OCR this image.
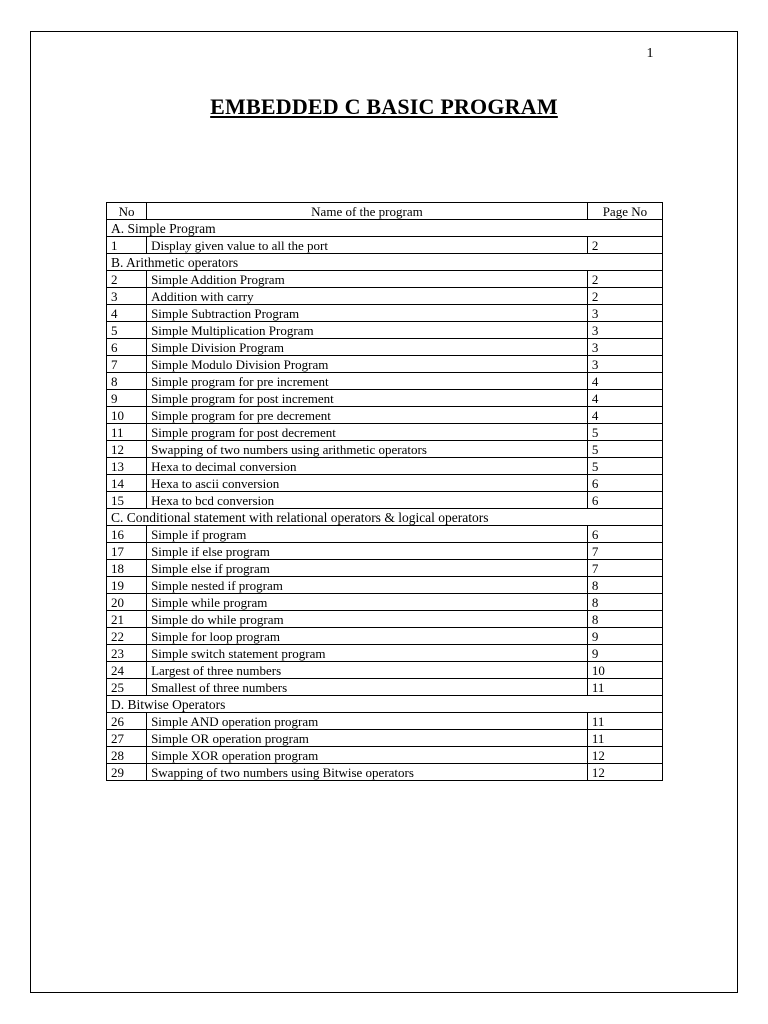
1
EMBEDDED C BASIC PROGRAM
No	Name of the program	Page No
A. Simple Program		
1	Display given value to all the port	2
B. Arithmetic operators		
2	Simple Addition Program	2
3	Addition with carry	2
4	Simple Subtraction Program	3
5	Simple Multiplication Program	3
6	Simple Division Program	3
7	Simple Modulo Division Program	3
8	Simple program for pre increment	4
9	Simple program for post increment	4
10	Simple program for pre decrement	4
11	Simple program for post decrement	5
12	Swapping of two numbers using arithmetic operators	5
13	Hexa to decimal conversion	5
14	Hexa to ascii conversion	6
15	Hexa to bcd conversion	6
C. Conditional statement with relational operators & logical operators		
16	Simple if program	6
17	Simple if else program	7
18	Simple else if program	7
19	Simple nested if program	8
20	Simple while program	8
21	Simple do while program	8
22	Simple for loop program	9
23	Simple switch statement program	9
24	Largest of three numbers	10
25	Smallest of three numbers	11
D. Bitwise Operators		
26	Simple AND operation program	11
27	Simple OR operation program	11
28	Simple XOR operation program	12
29	Swapping of two numbers using Bitwise operators	12
